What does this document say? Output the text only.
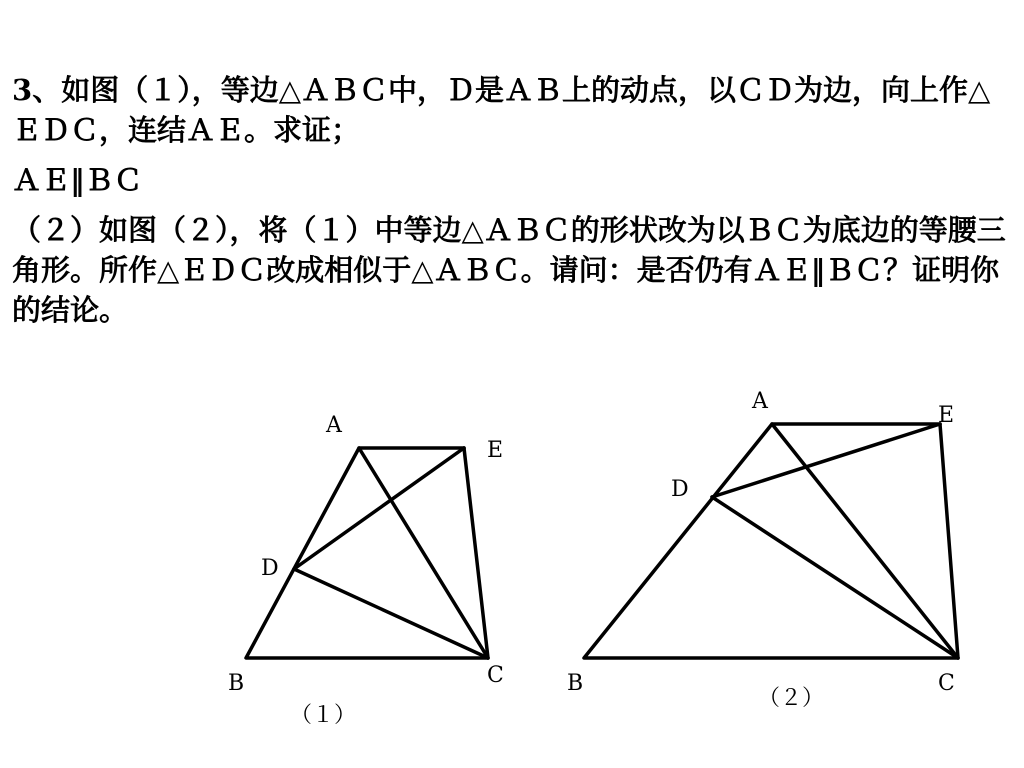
3、如图（１），等边△ＡＢＣ中，Ｄ是ＡＢ上的动点，以ＣＤ为边，向上作△ＥＤＣ，连结ＡＥ。求证；

ＡＥ‖ＢＣ

（２）如图（２），将（１）中等边△ＡＢＣ的形状改为以ＢＣ为底边的等腰三角形。所作△ＥＤＣ改成相似于△ＡＢＣ。请问：是否仍有ＡＥ‖ＢＣ？证明你的结论。

A
E
D
B	C
（１）
A
E
D
B	C
（２）
